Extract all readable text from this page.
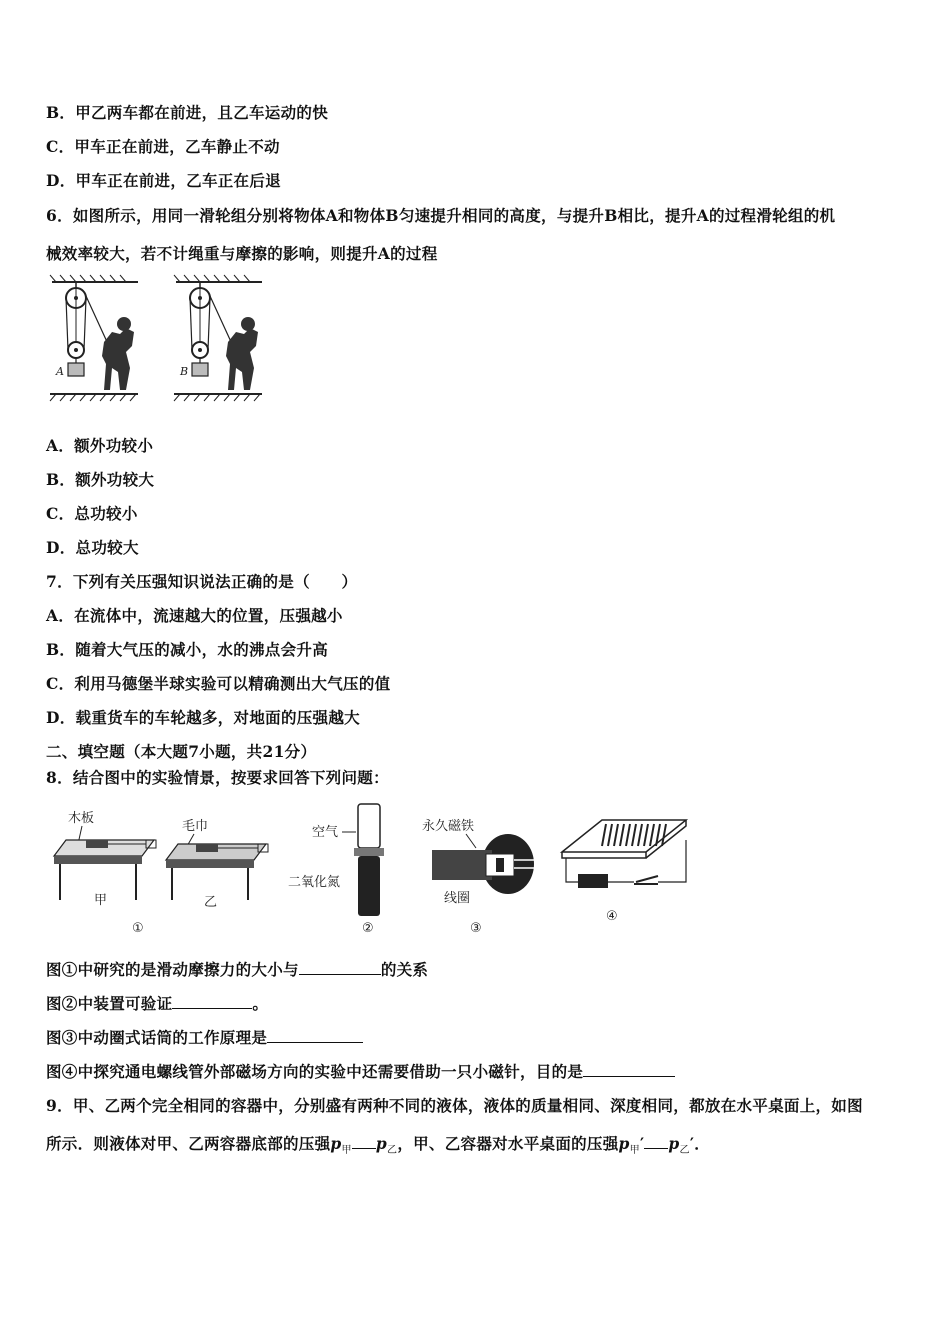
B．甲乙两车都在前进，且乙车运动的快
C．甲车正在前进，乙车静止不动
D．甲车正在前进，乙车正在后退
6．如图所示，用同一滑轮组分别将物体A和物体B匀速提升相同的高度，与提升B相比，提升A的过程滑轮组的机
械效率较大，若不计绳重与摩擦的影响，则提升A的过程
A	B
A．额外功较小
B．额外功较大
C．总功较小
D．总功较大
7．下列有关压强知识说法正确的是（　　）
A．在流体中，流速越大的位置，压强越小
B．随着大气压的减小，水的沸点会升高
C．利用马德堡半球实验可以精确测出大气压的值
D．载重货车的车轮越多，对地面的压强越大
二、填空题（本大题7小题，共21分）
8．结合图中的实验情景，按要求回答下列问题：
木板
甲
毛巾
乙
①
空气
二氧化氮
②
永久磁铁
线圈
③
④
图①中研究的是滑动摩擦力的大小与	的关系
图②中装置可验证	。
图③中动圈式话筒的工作原理是
图④中探究通电螺线管外部磁场方向的实验中还需要借助一只小磁针，目的是
9．甲、乙两个完全相同的容器中，分别盛有两种不同的液体，液体的质量相同、深度相同，都放在水平桌面上，如图
所示．则液体对甲、乙两容器底部的压强$p_甲$ $p_乙$，甲、乙容器对水平桌面的压强$p_甲'$ $p_乙'$．
